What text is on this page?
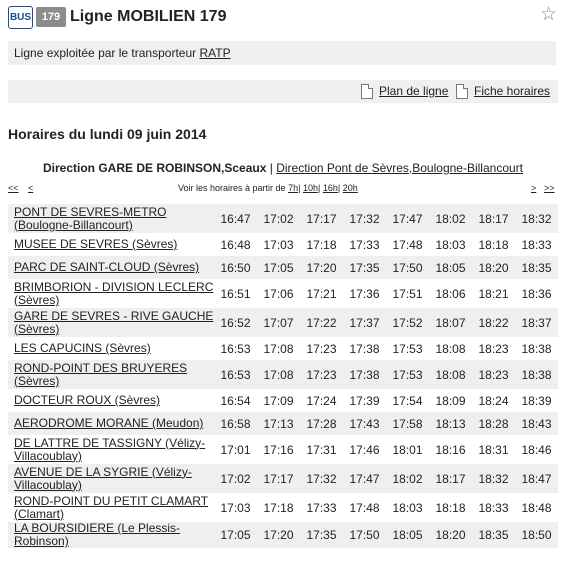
BUS 179 Ligne MOBILIEN 179	☆
Ligne exploitée par le transporteur RATP
Plan de ligne Fiche horaires
Horaires du lundi 09 juin 2014
Direction GARE DE ROBINSON,Sceaux | Direction Pont de Sèvres,Boulogne-Billancourt
<< <	Voir les horaires à partir de 7h| 10h| 16h| 20h	> >>
PONT DE SEVRES-METRO (Boulogne-Billancourt)	16:47	17:02	17:17	17:32	17:47	18:02	18:17	18:32
MUSEE DE SEVRES (Sèvres)	16:48	17:03	17:18	17:33	17:48	18:03	18:18	18:33
PARC DE SAINT-CLOUD (Sèvres)	16:50	17:05	17:20	17:35	17:50	18:05	18:20	18:35
BRIMBORION - DIVISION LECLERC (Sèvres)	16:51	17:06	17:21	17:36	17:51	18:06	18:21	18:36
GARE DE SEVRES - RIVE GAUCHE (Sèvres)	16:52	17:07	17:22	17:37	17:52	18:07	18:22	18:37
LES CAPUCINS (Sèvres)	16:53	17:08	17:23	17:38	17:53	18:08	18:23	18:38
ROND-POINT DES BRUYERES (Sèvres)	16:53	17:08	17:23	17:38	17:53	18:08	18:23	18:38
DOCTEUR ROUX (Sèvres)	16:54	17:09	17:24	17:39	17:54	18:09	18:24	18:39
AERODROME MORANE (Meudon)	16:58	17:13	17:28	17:43	17:58	18:13	18:28	18:43
DE LATTRE DE TASSIGNY (Vélizy-Villacoublay)	17:01	17:16	17:31	17:46	18:01	18:16	18:31	18:46
AVENUE DE LA SYGRIE (Vélizy-Villacoublay)	17:02	17:17	17:32	17:47	18:02	18:17	18:32	18:47
ROND-POINT DU PETIT CLAMART (Clamart)	17:03	17:18	17:33	17:48	18:03	18:18	18:33	18:48
LA BOURSIDIERE (Le Plessis-Robinson)	17:05	17:20	17:35	17:50	18:05	18:20	18:35	18:50
